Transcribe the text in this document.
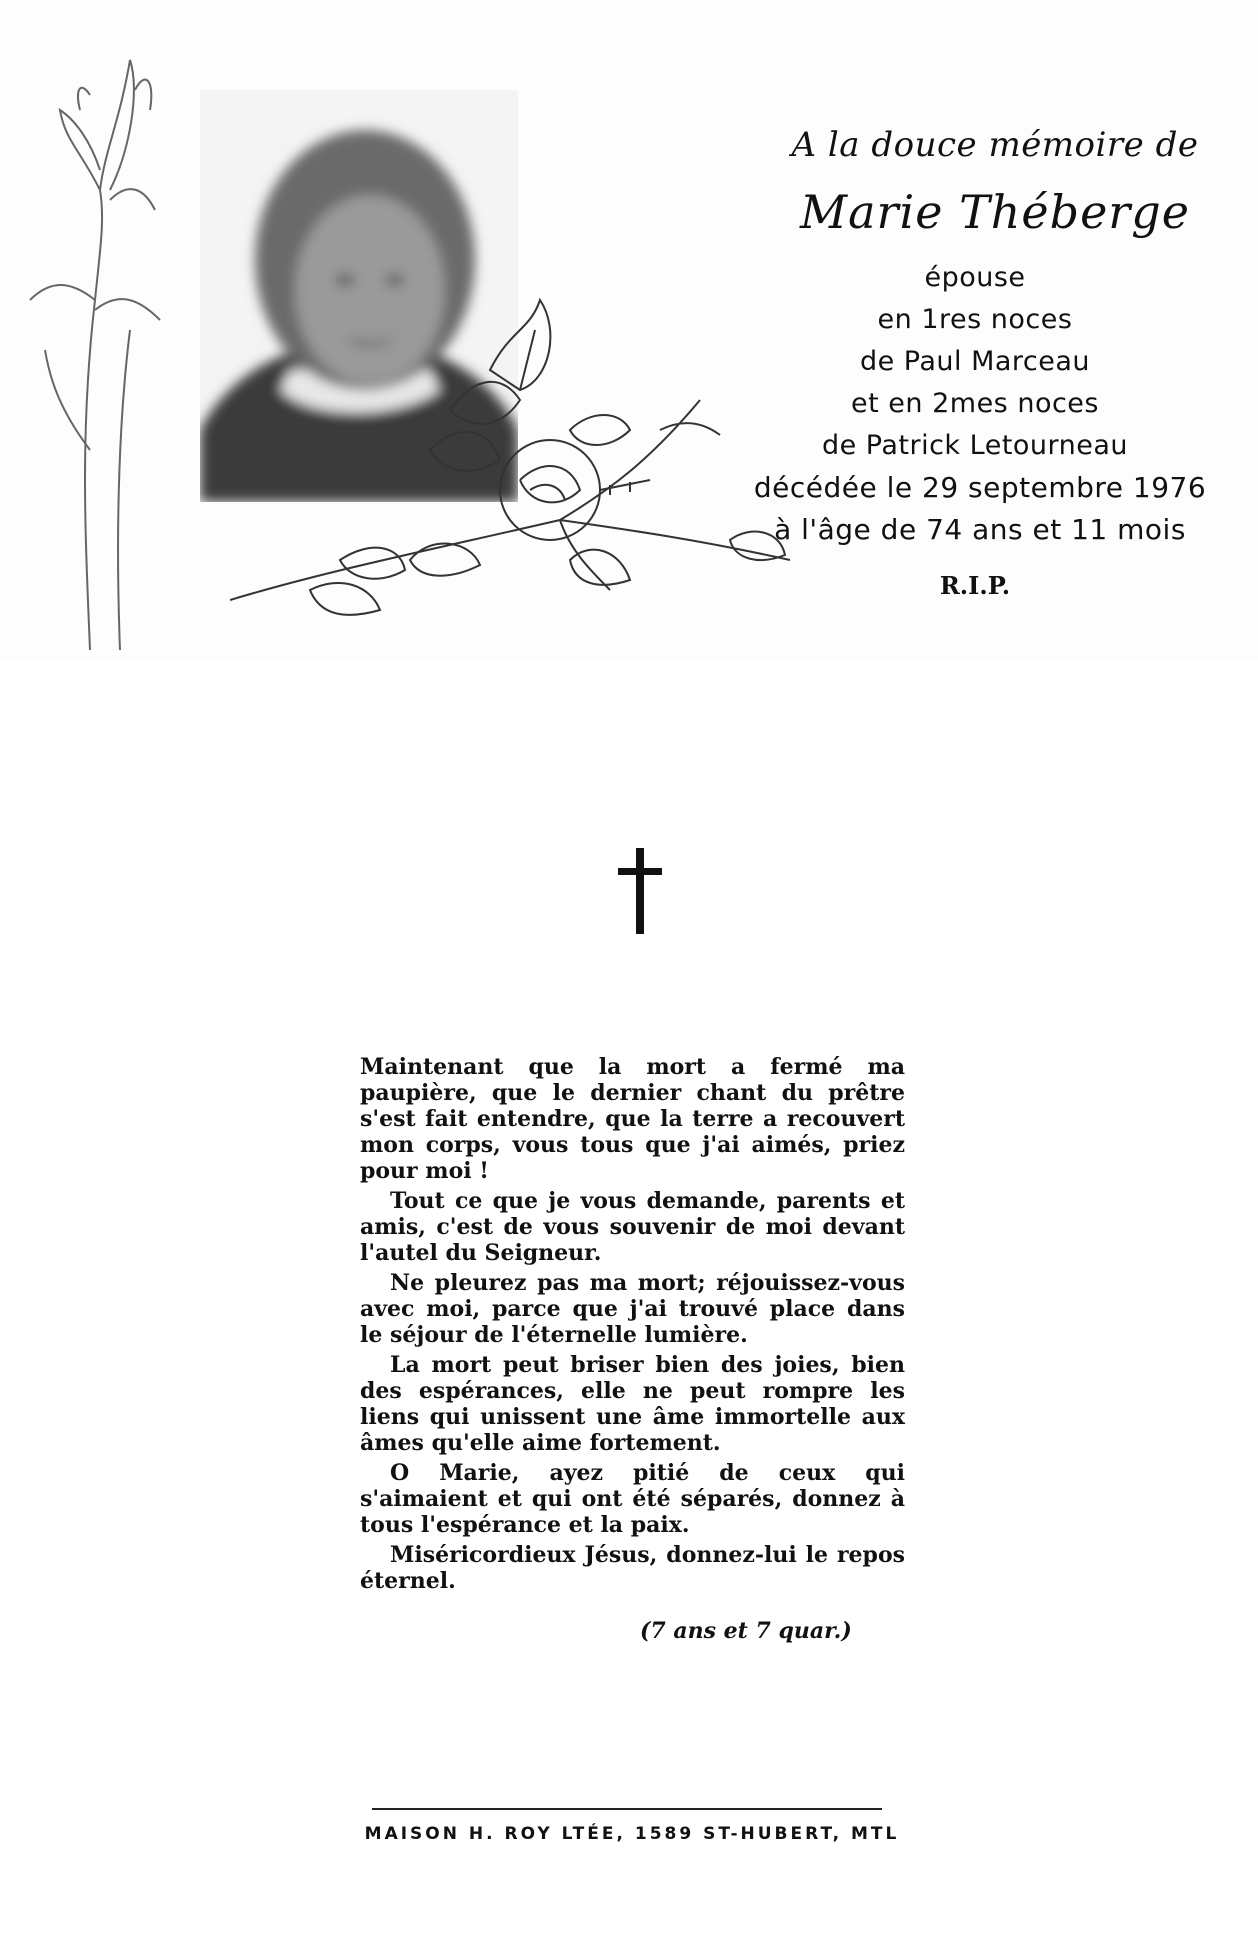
A la douce mémoire de
Marie Théberge
épouse
en 1res noces
de Paul Marceau
et en 2mes noces
de Patrick Letourneau
décédée le 29 septembre 1976
à l'âge de 74 ans et 11 mois
R.I.P.

Maintenant que la mort a fermé ma paupière, que le dernier chant du prêtre s'est fait entendre, que la terre a recouvert mon corps, vous tous que j'ai aimés, priez pour moi !

Tout ce que je vous demande, parents et amis, c'est de vous souvenir de moi devant l'autel du Seigneur.

Ne pleurez pas ma mort; réjouissez-vous avec moi, parce que j'ai trouvé place dans le séjour de l'éternelle lumière.

La mort peut briser bien des joies, bien des espérances, elle ne peut rompre les liens qui unissent une âme immortelle aux âmes qu'elle aime fortement.

O Marie, ayez pitié de ceux qui s'aimaient et qui ont été séparés, donnez à tous l'espérance et la paix.

Miséricordieux Jésus, donnez-lui le repos éternel.

(7 ans et 7 quar.)
MAISON H. ROY LTÉE, 1589 ST-HUBERT, MTL
